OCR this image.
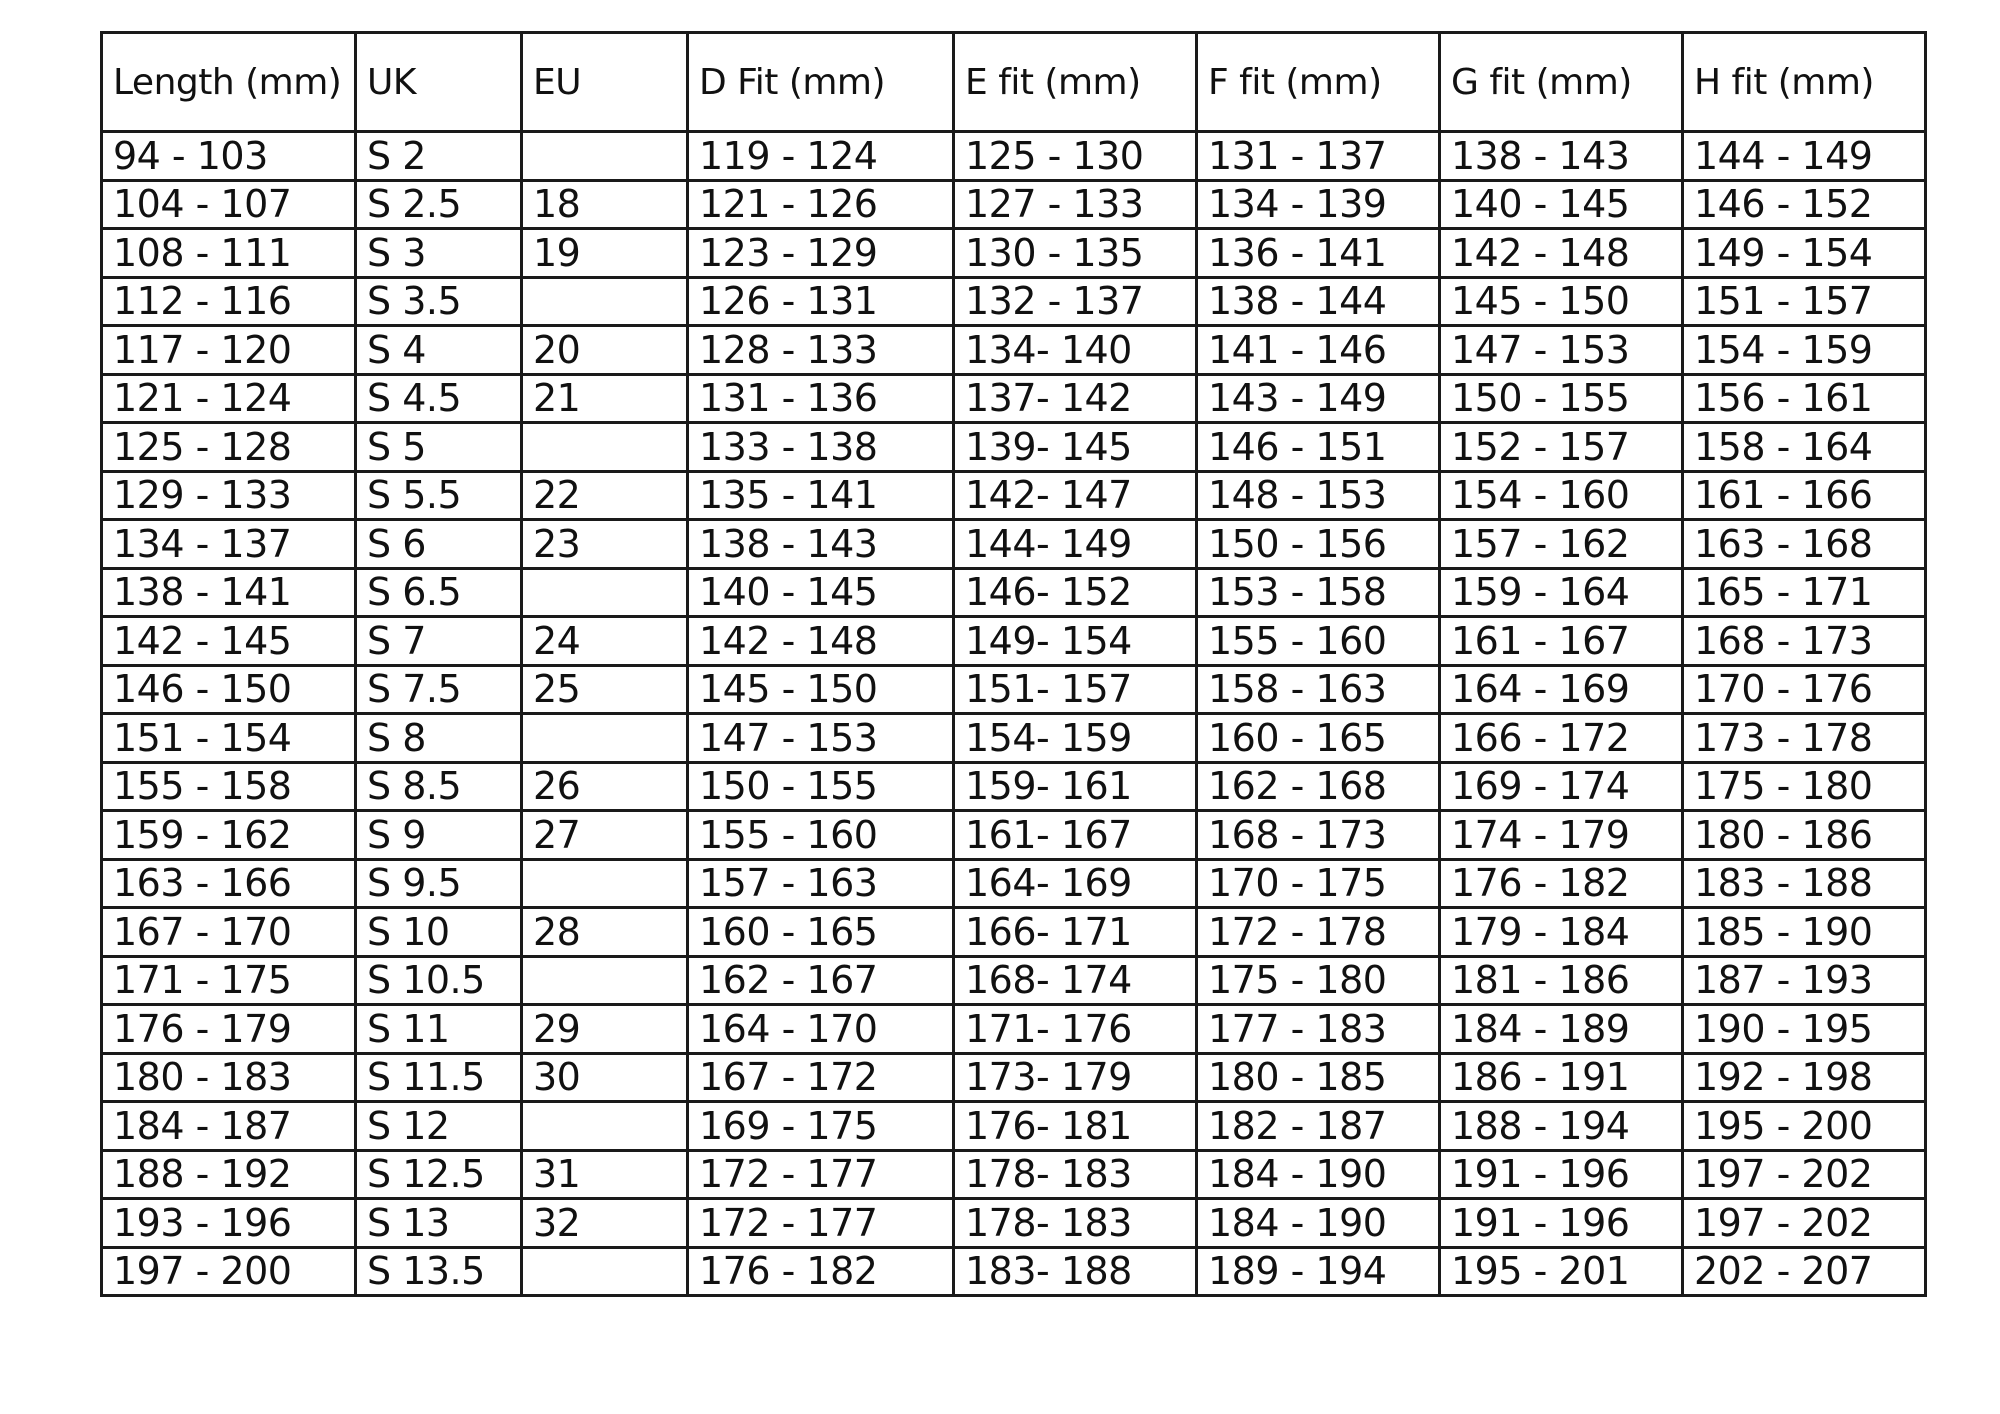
Length (mm)	UK	EU	D Fit (mm)	E fit (mm)	F fit (mm)	G fit (mm)	H fit (mm)
94 - 103	S 2		119 - 124	125 - 130	131 - 137	138 - 143	144 - 149
104 - 107	S 2.5	18	121 - 126	127 - 133	134 - 139	140 - 145	146 - 152
108 - 111	S 3	19	123 - 129	130 - 135	136 - 141	142 - 148	149 - 154
112 - 116	S 3.5		126 - 131	132 - 137	138 - 144	145 - 150	151 - 157
117 - 120	S 4	20	128 - 133	134- 140	141 - 146	147 - 153	154 - 159
121 - 124	S 4.5	21	131 - 136	137- 142	143 - 149	150 - 155	156 - 161
125 - 128	S 5		133 - 138	139- 145	146 - 151	152 - 157	158 - 164
129 - 133	S 5.5	22	135 - 141	142- 147	148 - 153	154 - 160	161 - 166
134 - 137	S 6	23	138 - 143	144- 149	150 - 156	157 - 162	163 - 168
138 - 141	S 6.5		140 - 145	146- 152	153 - 158	159 - 164	165 - 171
142 - 145	S 7	24	142 - 148	149- 154	155 - 160	161 - 167	168 - 173
146 - 150	S 7.5	25	145 - 150	151- 157	158 - 163	164 - 169	170 - 176
151 - 154	S 8		147 - 153	154- 159	160 - 165	166 - 172	173 - 178
155 - 158	S 8.5	26	150 - 155	159- 161	162 - 168	169 - 174	175 - 180
159 - 162	S 9	27	155 - 160	161- 167	168 - 173	174 - 179	180 - 186
163 - 166	S 9.5		157 - 163	164- 169	170 - 175	176 - 182	183 - 188
167 - 170	S 10	28	160 - 165	166- 171	172 - 178	179 - 184	185 - 190
171 - 175	S 10.5		162 - 167	168- 174	175 - 180	181 - 186	187 - 193
176 - 179	S 11	29	164 - 170	171- 176	177 - 183	184 - 189	190 - 195
180 - 183	S 11.5	30	167 - 172	173- 179	180 - 185	186 - 191	192 - 198
184 - 187	S 12		169 - 175	176- 181	182 - 187	188 - 194	195 - 200
188 - 192	S 12.5	31	172 - 177	178- 183	184 - 190	191 - 196	197 - 202
193 - 196	S 13	32	172 - 177	178- 183	184 - 190	191 - 196	197 - 202
197 - 200	S 13.5		176 - 182	183- 188	189 - 194	195 - 201	202 - 207
